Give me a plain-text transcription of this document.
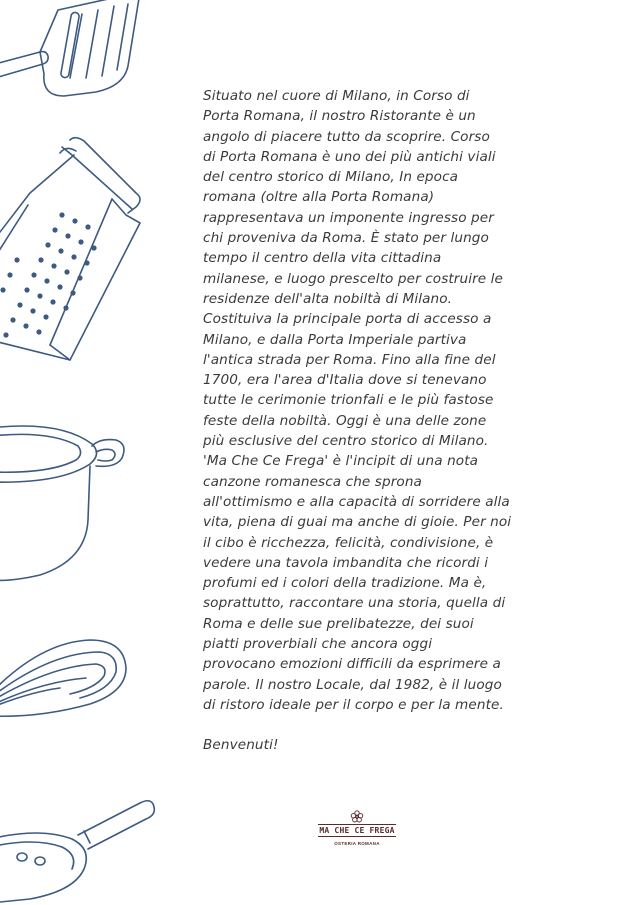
Situato nel cuore di Milano, in Corso di

Porta Romana, il nostro Ristorante è un

angolo di piacere tutto da scoprire. Corso

di Porta Romana è uno dei più antichi viali

del centro storico di Milano, In epoca

romana (oltre alla Porta Romana)

rappresentava un imponente ingresso per

chi proveniva da Roma. È stato per lungo

tempo il centro della vita cittadina

milanese, e luogo prescelto per costruire le

residenze dell'alta nobiltà di Milano.

Costituiva la principale porta di accesso a

Milano, e dalla Porta Imperiale partiva

l'antica strada per Roma. Fino alla fine del

1700, era l'area d'Italia dove si tenevano

tutte le cerimonie trionfali e le più fastose

feste della nobiltà. Oggi è una delle zone

più esclusive del centro storico di Milano.

'Ma Che Ce Frega' è l'incipit di una nota

canzone romanesca che sprona

all'ottimismo e alla capacità di sorridere alla

vita, piena di guai ma anche di gioie. Per noi

il cibo è ricchezza, felicità, condivisione, è

vedere una tavola imbandita che ricordi i

profumi ed i colori della tradizione. Ma è,

soprattutto, raccontare una storia, quella di

Roma e delle sue prelibatezze, dei suoi

piatti proverbiali che ancora oggi

provocano emozioni difficili da esprimere a

parole. Il nostro Locale, dal 1982, è il luogo

di ristoro ideale per il corpo e per la mente.

Benvenuti!

MA CHE CE FREGA
OSTERIA ROMANA
